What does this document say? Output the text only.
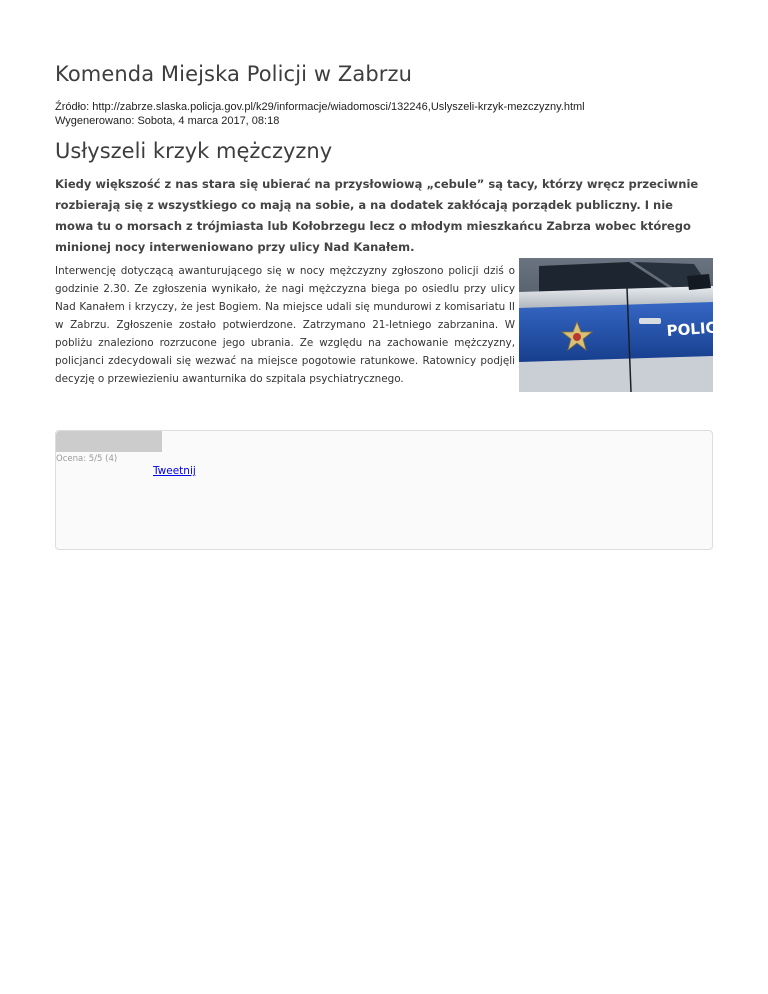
Komenda Miejska Policji w Zabrzu
Źródło: http://zabrze.slaska.policja.gov.pl/k29/informacje/wiadomosci/132246,Uslyszeli-krzyk-mezczyzny.html
Wygenerowano: Sobota, 4 marca 2017, 08:18
Usłyszeli krzyk mężczyzny
Kiedy większość z nas stara się ubierać na przysłowiową „cebule” są tacy, którzy wręcz przeciwnie rozbierają się z wszystkiego co mają na sobie, a na dodatek zakłócają porządek publiczny. I nie mowa tu o morsach z trójmiasta lub Kołobrzegu lecz o młodym mieszkańcu Zabrza wobec którego minionej nocy interweniowano przy ulicy Nad Kanałem.
Interwencję dotyczącą awanturującego się w nocy mężczyzny zgłoszono policji dziś o godzinie 2.30. Ze zgłoszenia wynikało, że nagi mężczyzna biega po osiedlu przy ulicy Nad Kanałem i krzyczy, że jest Bogiem. Na miejsce udali się mundurowi z komisariatu II w Zabrzu. Zgłoszenie zostało potwierdzone. Zatrzymano 21-letniego zabrzanina. W pobliżu znaleziono rozrzucone jego ubrania. Ze względu na zachowanie mężczyzny, policjanci zdecydowali się wezwać na miejsce pogotowie ratunkowe. Ratownicy podjęli decyzję o przewiezieniu awanturnika do szpitala psychiatrycznego.
POLICJA
Ocena: 5/5 (4)
Tweetnij
